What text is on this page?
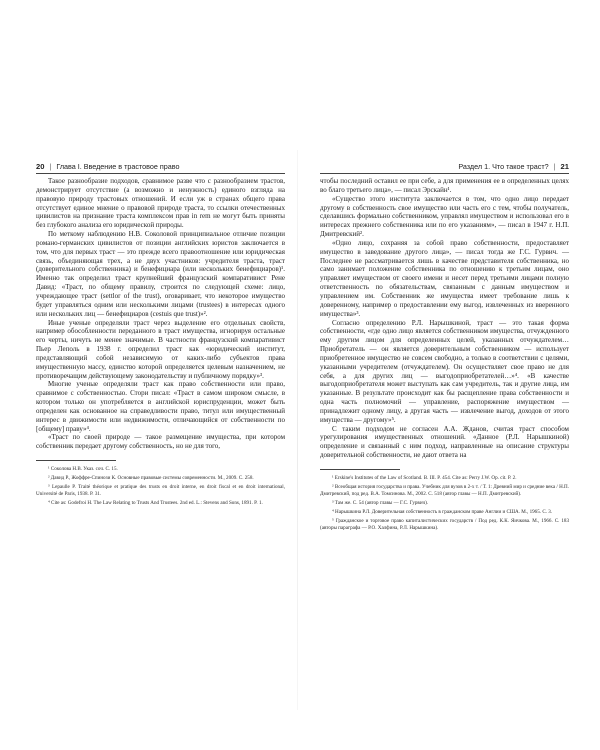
20 | Глава I. Введение в трастовое право

Такое разнообразие подходов, сравнимое разве что с разнообразием трастов, демонстрирует отсутствие (а возможно и ненужность) единого взгляда на правовую природу трастовых отношений. И если уж в странах общего права отсутствует единое мнение о правовой природе траста, то ссылки отечественных цивилистов на признание траста комплексом прав in rem не могут быть приняты без глубокого анализа его юридической природы.

По меткому наблюдению Н.В. Соколовой принципиальное отличие позиции романо-германских цивилистов от позиции английских юристов заключается в том, что для первых траст — это прежде всего правоотношение или юридическая связь, объединяющая трех, а не двух участников: учредителя траста, траст (доверительного собственника) и бенефициара (или нескольких бенефициаров)¹. Именно так определил траст крупнейший французский компаративист Рене Давид: «Траст, по общему правилу, строится по следующей схеме: лицо, учреждающее траст (settlor of the trust), оговаривает, что некоторое имущество будет управляться одним или несколькими лицами (trustees) в интересах одного или нескольких лиц — бенефициаров (cestuis que trust)»².

Иные ученые определяли траст через выделение его отдельных свойств, например обособленности переданного в траст имущества, игнорируя остальные его черты, ничуть не менее значимые. В частности французский компаративист Пьер Леполь в 1938 г. определил траст как «юридический институт, представляющий собой независимую от каких-либо субъектов права имущественную массу, единство которой определяется целевым назначением, не противоречащим действующему законодательству и публичному порядку»³.

Многие ученые определяли траст как право собственности или право, сравнимое с собственностью. Стори писал: «Траст в самом широком смысле, в котором только он употребляется в английской юриспруденции, может быть определен как основанное на справедливости право, титул или имущественный интерес в движимости или недвижимости, отличающийся от собственности по [общему] праву»⁴.

«Траст по своей природе — такое размещение имущества, при котором собственник передает другому собственность, но не для того,

¹ Соколова Н.В. Указ. соч. С. 15.

² Давид Р., Жоффре-Спинози К. Основные правовые системы современности. М., 2009. С. 258.

³ Lepaulle P. Traité théorique et pratique des trusts en droit interne, en droit fiscal et en droit international, Université de Paris, 1938. P. 31.

⁴ Cite as: Godefroi H. The Law Relating to Trusts And Trustees. 2nd ed. L.: Stevens and Sons, 1891. P. 1.

Раздел 1. Что такое траст? | 21

чтобы последний оставил ее при себе, а для применения ее в определенных целях во благо третьего лица», — писал Эрскайн¹.

«Существо этого института заключается в том, что одно лицо передает другому в собственность свое имущество или часть его с тем, чтобы получатель, сделавшись формально собственником, управлял имуществом и использовал его в интересах прежнего собственника или по его указаниям», — писал в 1947 г. Н.П. Дмитревский².

«Одно лицо, сохраняя за собой право собственности, предоставляет имущество в заведование другого лица», — писал тогда же Г.С. Гурвич. — Последнее не рассматривается лишь в качестве представителя собственника, но само занимает положение собственника по отношению к третьим лицам, оно управляет имуществом от своего имени и несет перед третьими лицами полную ответственность по обязательствам, связанным с данным имуществом и управлением им. Собственник же имущества имеет требование лишь к доверенному, например о предоставлении ему выгод, извлеченных из вверенного имущества»³.

Согласно определению Р.Л. Нарышкиной, траст — это такая форма собственности, «где одно лицо является собственником имущества, отчужденного ему другим лицом для определенных целей, указанных отчуждателем… Приобретатель — он является доверительным собственником — использует приобретенное имущество не совсем свободно, а только в соответствии с целями, указанными учредителем (отчуждателем). Он осуществляет свое право не для себя, а для других лиц — выгодоприобретателей…»⁴. «В качестве выгодоприобретателя может выступать как сам учредитель, так и другие лица, им указанные. В результате происходит как бы расщепление права собственности и одна часть полномочий — управление, распоряжение имуществом — принадлежит одному лицу, а другая часть — извлечение выгод, доходов от этого имущества — другому»⁵.

С таким подходом не согласен А.А. Жданов, считая траст способом урегулирования имущественных отношений. «Данное (Р.Л. Нарышкиной) определение и связанный с ним подход, направленные на описание структуры доверительной собственности, не дают ответа на

¹ Erskine's Institutes of the Law of Scotland. B. III. P. 454. Cite as: Perry J.W. Op. cit. P. 2.

² Всеобщая история государства и права. Учебник для вузов в 2-х т. / Т. 1: Древний мир и средние века / Н.П. Дмитревский, под ред. В.А. Томсинова. М., 2002. С. 518 (автор главы — Н.П. Дмитревский).

³ Там же. С. 54 (автор главы — Г.С. Гурвич).

⁴ Нарышкина Р.Л. Доверительная собственность в гражданском праве Англии и США. М., 1965. С. 3.

⁵ Гражданское и торговое право капиталистических государств / Под ред. К.К. Яичкова. М., 1966. С. 183 (авторы параграфа — Р.О. Халфина, Р.Л. Нарышкина).
